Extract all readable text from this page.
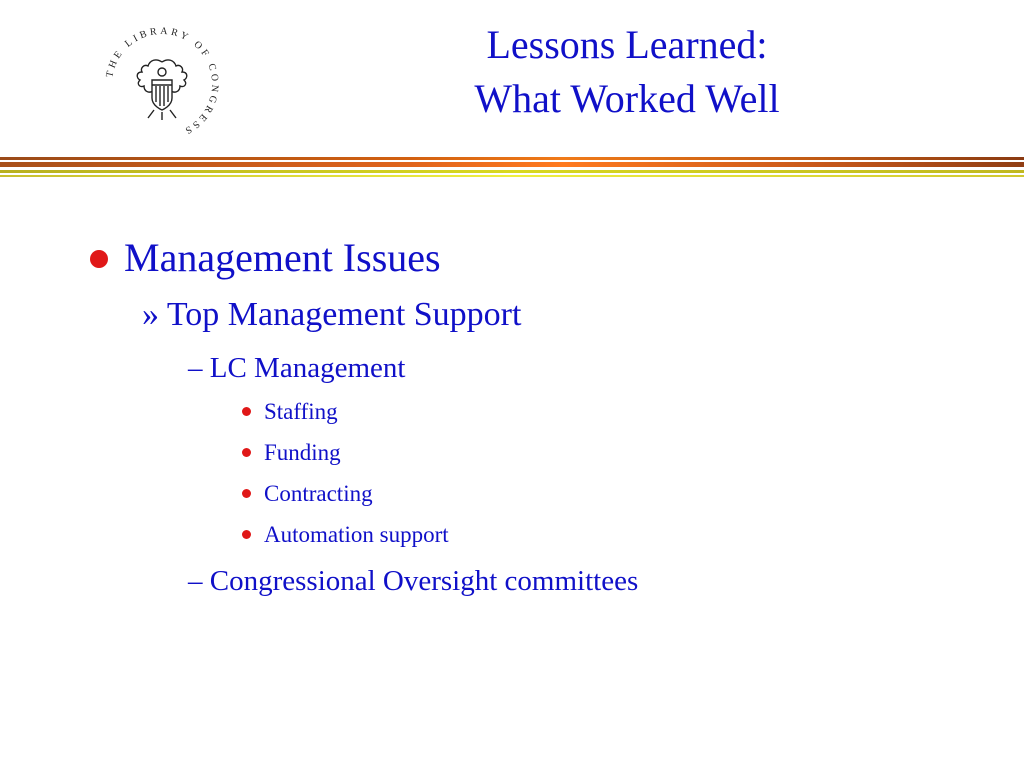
THE LIBRARY OF CONGRESS
Lessons Learned:
What Worked Well
Management Issues
» Top Management Support
– LC Management
Staffing
Funding
Contracting
Automation support
– Congressional Oversight committees
